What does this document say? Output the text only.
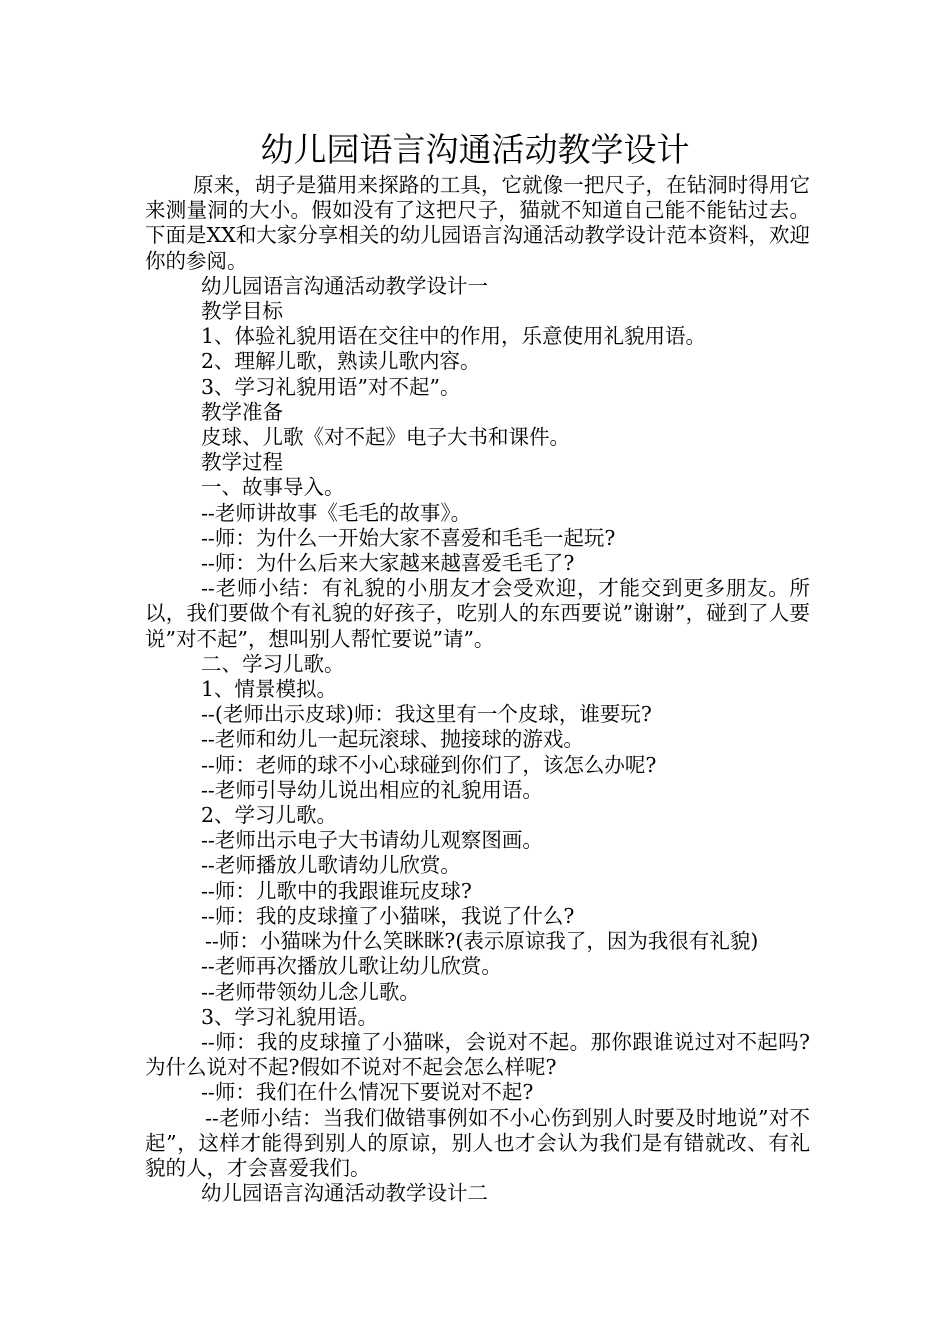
幼儿园语言沟通活动教学设计

原来，胡子是猫用来探路的工具，它就像一把尺子，在钻洞时得用它来测量洞的大小。假如没有了这把尺子，猫就不知道自己能不能钻过去。下面是XX和大家分享相关的幼儿园语言沟通活动教学设计范本资料，欢迎你的参阅。

幼儿园语言沟通活动教学设计一

教学目标

1、体验礼貌用语在交往中的作用，乐意使用礼貌用语。

2、理解儿歌，熟读儿歌内容。

3、学习礼貌用语”对不起”。

教学准备

皮球、儿歌《对不起》电子大书和课件。

教学过程

一、故事导入。

--老师讲故事《毛毛的故事》。

--师：为什么一开始大家不喜爱和毛毛一起玩?

--师：为什么后来大家越来越喜爱毛毛了?

--老师小结：有礼貌的小朋友才会受欢迎，才能交到更多朋友。所以，我们要做个有礼貌的好孩子，吃别人的东西要说”谢谢”，碰到了人要说”对不起”，想叫别人帮忙要说”请”。

二、学习儿歌。

1、情景模拟。

--(老师出示皮球)师：我这里有一个皮球，谁要玩?

--老师和幼儿一起玩滚球、抛接球的游戏。

--师：老师的球不小心球碰到你们了，该怎么办呢?

--老师引导幼儿说出相应的礼貌用语。

2、学习儿歌。

--老师出示电子大书请幼儿观察图画。

--老师播放儿歌请幼儿欣赏。

--师：儿歌中的我跟谁玩皮球?

--师：我的皮球撞了小猫咪，我说了什么?

--师：小猫咪为什么笑眯眯?(表示原谅我了，因为我很有礼貌)

--老师再次播放儿歌让幼儿欣赏。

--老师带领幼儿念儿歌。

3、学习礼貌用语。

--师：我的皮球撞了小猫咪，会说对不起。那你跟谁说过对不起吗?为什么说对不起?假如不说对不起会怎么样呢?

--师：我们在什么情况下要说对不起?

--老师小结：当我们做错事例如不小心伤到别人时要及时地说”对不起”，这样才能得到别人的原谅，别人也才会认为我们是有错就改、有礼貌的人，才会喜爱我们。

幼儿园语言沟通活动教学设计二
